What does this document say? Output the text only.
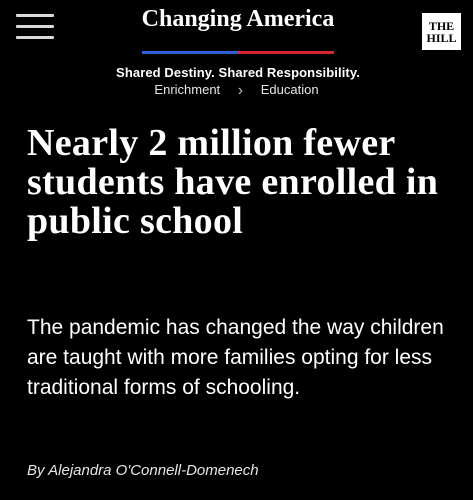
Changing America
Shared Destiny. Shared Responsibility.
THE
HILL
Enrichment › Education
Nearly 2 million fewer students have enrolled in public school

The pandemic has changed the way children are taught with more families opting for less traditional forms of schooling.

By Alejandra O'Connell-Domenech
